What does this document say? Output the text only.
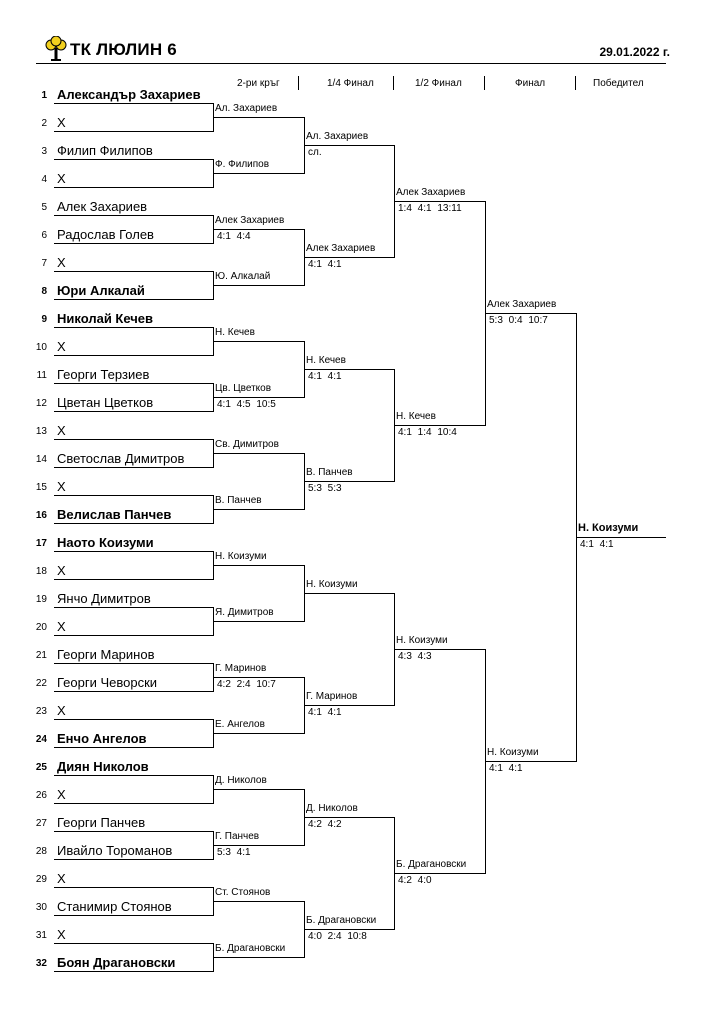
ТК ЛЮЛИН 6	29.01.2022 г.
2-ри кръг	1/4 Финал	1/2 Финал	Финал	Победител
1 Александър Захариев
2 X
3 Филип Филипов
4 X
5 Алек Захариев
6 Радослав Голев
7 X
8 Юри Алкалай
9 Николай Кечев
10 X
11 Георги Терзиев
12 Цветан Цветков
13 X
14 Светослав Димитров
15 X
16 Велислав Панчев
17 Наото Коизуми
18 X
19 Янчо Димитров
20 X
21 Георги Маринов
22 Георги Чеворски
23 X
24 Енчо Ангелов
25 Диян Николов
26 X
27 Георги Панчев
28 Ивайло Тороманов
29 X
30 Станимир Стоянов
31 X
32 Боян Драгановски
Ал. Захариев
Ф. Филипов
Алек Захариев
4:1 4:4
Ю. Алкалай
Н. Кечев
Цв. Цветков
4:1 4:5 10:5
Св. Димитров
В. Панчев
Н. Коизуми
Я. Димитров
Г. Маринов
4:2 2:4 10:7
Е. Ангелов
Д. Николов
Г. Панчев
5:3 4:1
Ст. Стоянов
Б. Драгановски
Ал. Захариев
сл.
Алек Захариев
4:1 4:1
Н. Кечев
4:1 4:1
В. Панчев
5:3 5:3
Н. Коизуми
Г. Маринов
4:1 4:1
Д. Николов
4:2 4:2
Б. Драгановски
4:0 2:4 10:8
Алек Захариев
1:4 4:1 13:11
Н. Кечев
4:1 1:4 10:4
Н. Коизуми
4:3 4:3
Б. Драгановски
4:2 4:0
Алек Захариев
5:3 0:4 10:7
Н. Коизуми
4:1 4:1
Н. Коизуми
4:1 4:1
